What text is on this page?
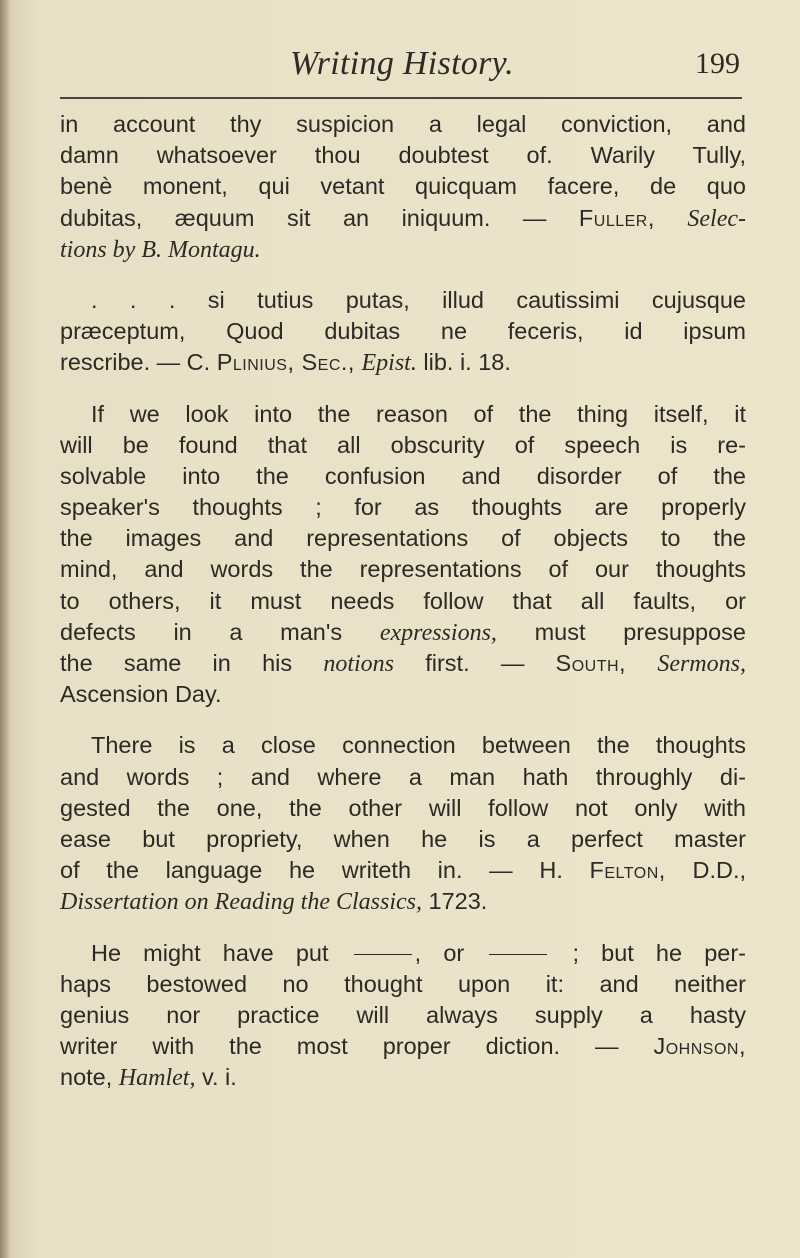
Writing History.	199
in account thy suspicion a legal conviction, and
damn whatsoever thou doubtest of. Warily Tully,
benè monent, qui vetant quicquam facere, de quo
dubitas, æquum sit an iniquum. — Fuller, Selec-
tions by B. Montagu.
. . . si tutius putas, illud cautissimi cujusque
præceptum, Quod dubitas ne feceris, id ipsum
rescribe. — C. Plinius, Sec., Epist. lib. i. 18.
If we look into the reason of the thing itself, it
will be found that all obscurity of speech is re-
solvable into the confusion and disorder of the
speaker's thoughts ; for as thoughts are properly
the images and representations of objects to the
mind, and words the representations of our thoughts
to others, it must needs follow that all faults, or
defects in a man's expressions, must presuppose
the same in his notions first. — South, Sermons,
Ascension Day.
There is a close connection between the thoughts
and words ; and where a man hath throughly di-
gested the one, the other will follow not only with
ease but propriety, when he is a perfect master
of the language he writeth in. — H. Felton, D.D.,
Dissertation on Reading the Classics, 1723.
He might have put	, or	; but he per-
haps bestowed no thought upon it: and neither
genius nor practice will always supply a hasty
writer with the most proper diction. — Johnson,
note, Hamlet, v. i.
